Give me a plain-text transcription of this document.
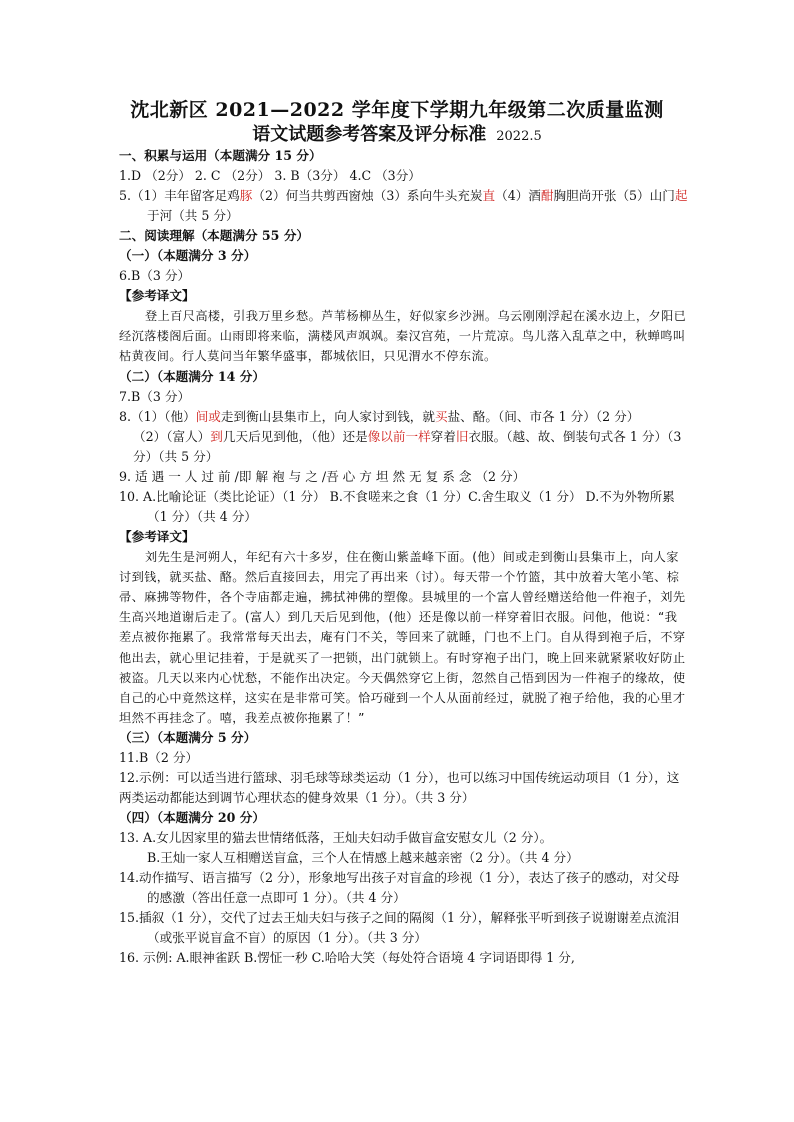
沈北新区 2021—2022 学年度下学期九年级第二次质量监测
语文试题参考答案及评分标准 2022.5

一、积累与运用（本题满分 15 分）

1.D （2分） 2. C （2分） 3. B（3分） 4.C （3分）

5.（1）丰年留客足鸡豚（2）何当共剪西窗烛（3）系向牛头充炭直（4）酒酣胸胆尚开张（5）山门起于河（共 5 分）

二、阅读理解（本题满分 55 分）

（一）（本题满分 3 分）

6.B（3 分）

【参考译文】

登上百尺高楼，引我万里乡愁。芦苇杨柳丛生，好似家乡沙洲。乌云刚刚浮起在溪水边上，夕阳已经沉落楼阁后面。山雨即将来临，满楼风声飒飒。秦汉宫苑，一片荒凉。鸟儿落入乱草之中，秋蝉鸣叫枯黄夜间。行人莫问当年繁华盛事，都城依旧，只见渭水不停东流。

（二）（本题满分 14 分）

7.B（3 分）

8.（1）（他）间或走到衡山县集市上，向人家讨到钱，就买盐、酪。（间、市各 1 分）（2 分）

（2）（富人）到几天后见到他，（他）还是像以前一样穿着旧衣服。（越、故、倒装句式各 1 分）（3 分）（共 5 分）

9. 适 遇 一 人 过 前 /即 解 袍 与 之 /吾 心 方 坦 然 无 复 系 念 （2 分）

10. A.比喻论证（类比论证）（1 分） B.不食嗟来之食（1 分）C.舍生取义（1 分） D.不为外物所累（1 分）（共 4 分）

【参考译文】

刘先生是河朔人，年纪有六十多岁，住在衡山紫盖峰下面。(他）间或走到衡山县集市上，向人家讨到钱，就买盐、酪。然后直接回去，用完了再出来（讨）。每天带一个竹篮，其中放着大笔小笔、棕帚、麻拂等物件，各个寺庙都走遍，拂拭神佛的塑像。县城里的一个富人曾经赠送给他一件袍子，刘先生高兴地道谢后走了。(富人）到几天后见到他，(他）还是像以前一样穿着旧衣服。问他，他说：“我差点被你拖累了。我常常每天出去，庵有门不关，等回来了就睡，门也不上门。自从得到袍子后，不穿他出去，就心里记挂着，于是就买了一把锁，出门就锁上。有时穿袍子出门，晚上回来就紧紧收好防止被盗。几天以来内心忧愁，不能作出决定。今天偶然穿它上街，忽然自己悟到因为一件袍子的缘故，使自己的心中竟然这样，这实在是非常可笑。恰巧碰到一个人从面前经过，就脱了袍子给他，我的心里才坦然不再挂念了。嘻，我差点被你拖累了！”

（三）（本题满分 5 分）

11.B（2 分）

12.示例：可以适当进行篮球、羽毛球等球类运动（1 分），也可以练习中国传统运动项目（1 分），这两类运动都能达到调节心理状态的健身效果（1 分）。（共 3 分）

（四）（本题满分 20 分）

13. A.女儿因家里的猫去世情绪低落，王灿夫妇动手做盲盒安慰女儿（2 分）。

B.王灿一家人互相赠送盲盒，三个人在情感上越来越亲密（2 分）。（共 4 分）

14.动作描写、语言描写（2 分），形象地写出孩子对盲盒的珍视（1 分），表达了孩子的感动，对父母的感激（答出任意一点即可 1 分）。（共 4 分）

15.插叙（1 分），交代了过去王灿夫妇与孩子之间的隔阂（1 分），解释张平听到孩子说谢谢差点流泪（或张平说盲盒不盲）的原因（1 分）。（共 3 分）

16. 示例: A.眼神雀跃 B.愣怔一秒 C.哈哈大笑（每处符合语境 4 字词语即得 1 分,
